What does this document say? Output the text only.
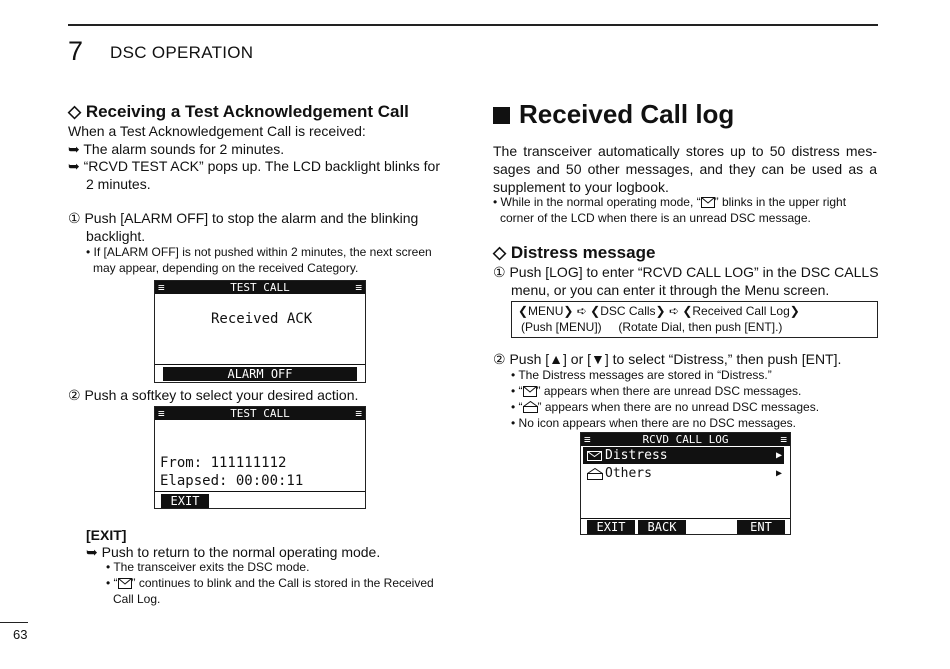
7 DSC OPERATION
◇ Receiving a Test Acknowledgement Call
When a Test Acknowledgement Call is received:
➥ The alarm sounds for 2 minutes.
➥ “RCVD TEST ACK” pops up. The LCD backlight blinks for
2 minutes.
① Push [ALARM OFF] to stop the alarm and the blinking
backlight.
• If [ALARM OFF] is not pushed within 2 minutes, the next screen
may appear, depending on the received Category.
≡	TEST CALL	≡
Received ACK
ALARM OFF
② Push a softkey to select your desired action.
≡	TEST CALL	≡
From: 111111112
Elapsed: 00:00:11
EXIT
[EXIT]
➥ Push to return to the normal operating mode.
• The transceiver exits the DSC mode.
• “ ” continues to blink and the Call is stored in the Received
Call Log.
Received Call log
The transceiver automatically stores up to 50 distress mes-
sages and 50 other messages, and they can be used as a
supplement to your logbook.
• While in the normal operating mode, “ ” blinks in the upper right
corner of the LCD when there is an unread DSC message.
◇ Distress message
① Push [LOG] to enter “RCVD CALL LOG” in the DSC CALLS
menu, or you can enter it through the Menu screen.
❮MENU❯ ➪ ❮DSC Calls❯ ➪ ❮Received Call Log❯
(Push [MENU])     (Rotate Dial, then push [ENT].)
② Push [▲] or [▼] to select “Distress,” then push [ENT].
• The Distress messages are stored in “Distress.”
• “ ” appears when there are unread DSC messages.
• “ ” appears when there are no unread DSC messages.
• No icon appears when there are no DSC messages.
≡	RCVD CALL LOG	≡
Distress	▶
Others	▶
EXIT	BACK	ENT
63
